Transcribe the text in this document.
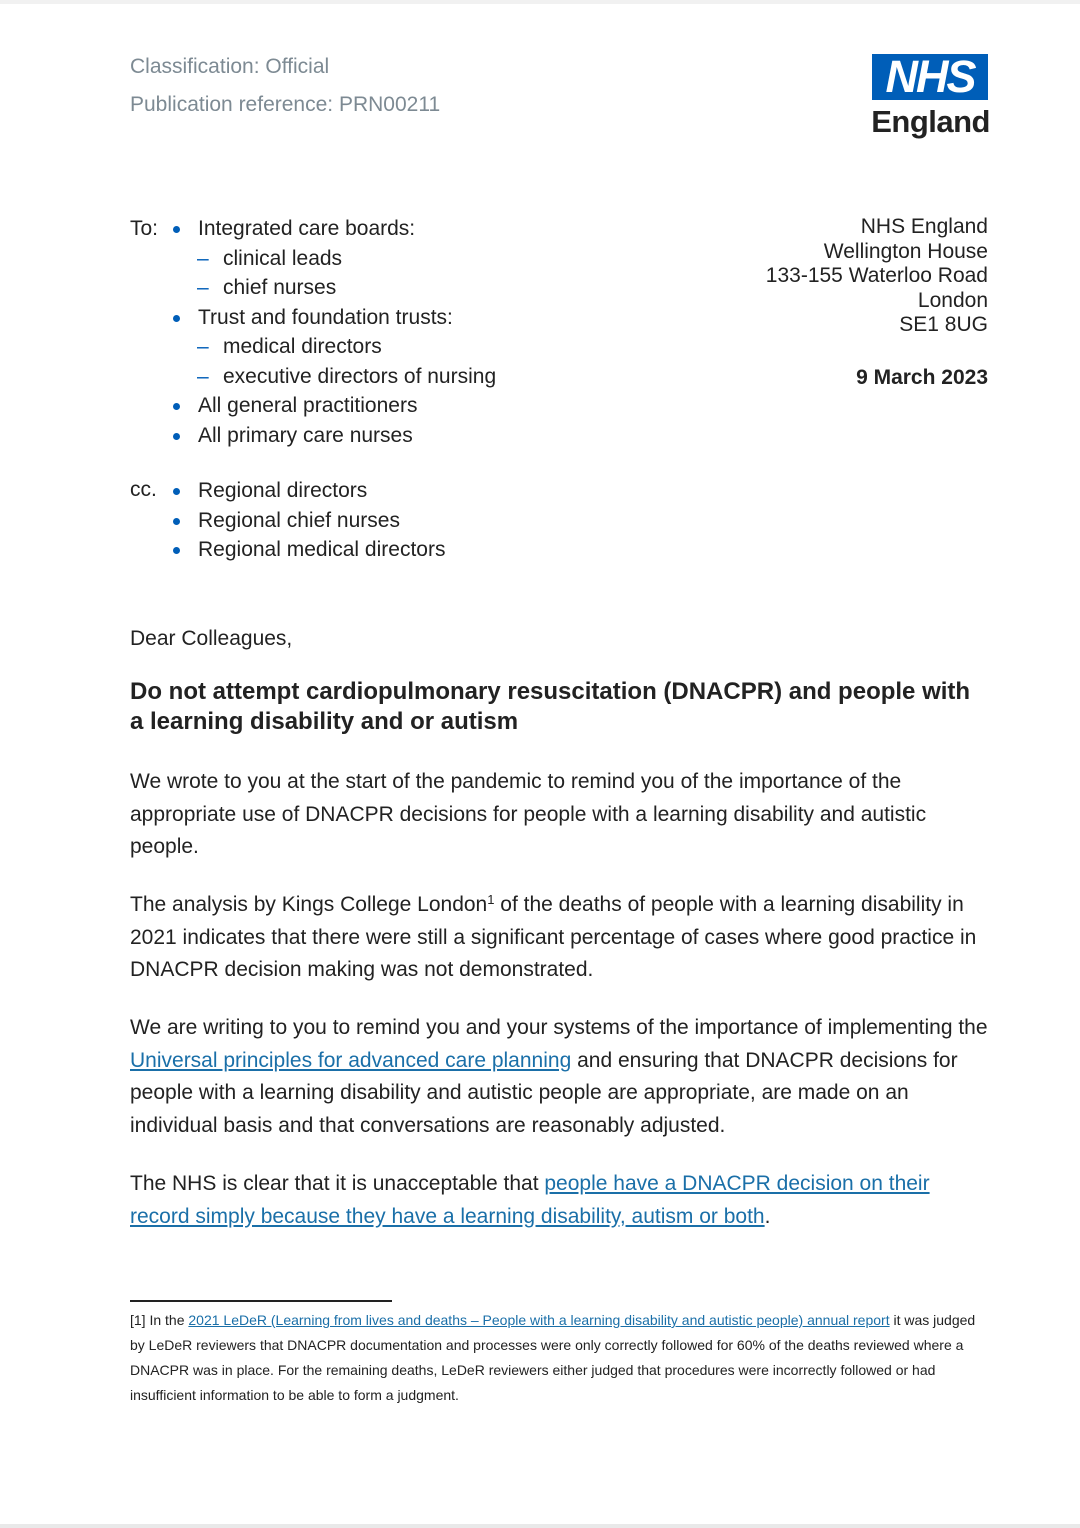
Classification: Official
Publication reference: PRN00211
NHS
England
To:	Integrated care boards:
– clinical leads
– chief nurses
Trust and foundation trusts:
– medical directors
– executive directors of nursing
All general practitioners
All primary care nurses
cc.	Regional directors
Regional chief nurses
Regional medical directors
NHS England
Wellington House
133-155 Waterloo Road
London
SE1 8UG
9 March 2023
Dear Colleagues,
Do not attempt cardiopulmonary resuscitation (DNACPR) and people with a learning disability and or autism
We wrote to you at the start of the pandemic to remind you of the importance of the appropriate use of DNACPR decisions for people with a learning disability and autistic people.
The analysis by Kings College London$^1$ of the deaths of people with a learning disability in 2021 indicates that there were still a significant percentage of cases where good practice in DNACPR decision making was not demonstrated.
We are writing to you to remind you and your systems of the importance of implementing the Universal principles for advanced care planning and ensuring that DNACPR decisions for people with a learning disability and autistic people are appropriate, are made on an individual basis and that conversations are reasonably adjusted.
The NHS is clear that it is unacceptable that people have a DNACPR decision on their record simply because they have a learning disability, autism or both.
[1] In the 2021 LeDeR (Learning from lives and deaths – People with a learning disability and autistic people) annual report it was judged by LeDeR reviewers that DNACPR documentation and processes were only correctly followed for 60% of the deaths reviewed where a DNACPR was in place. For the remaining deaths, LeDeR reviewers either judged that procedures were incorrectly followed or had insufficient information to be able to form a judgment.
